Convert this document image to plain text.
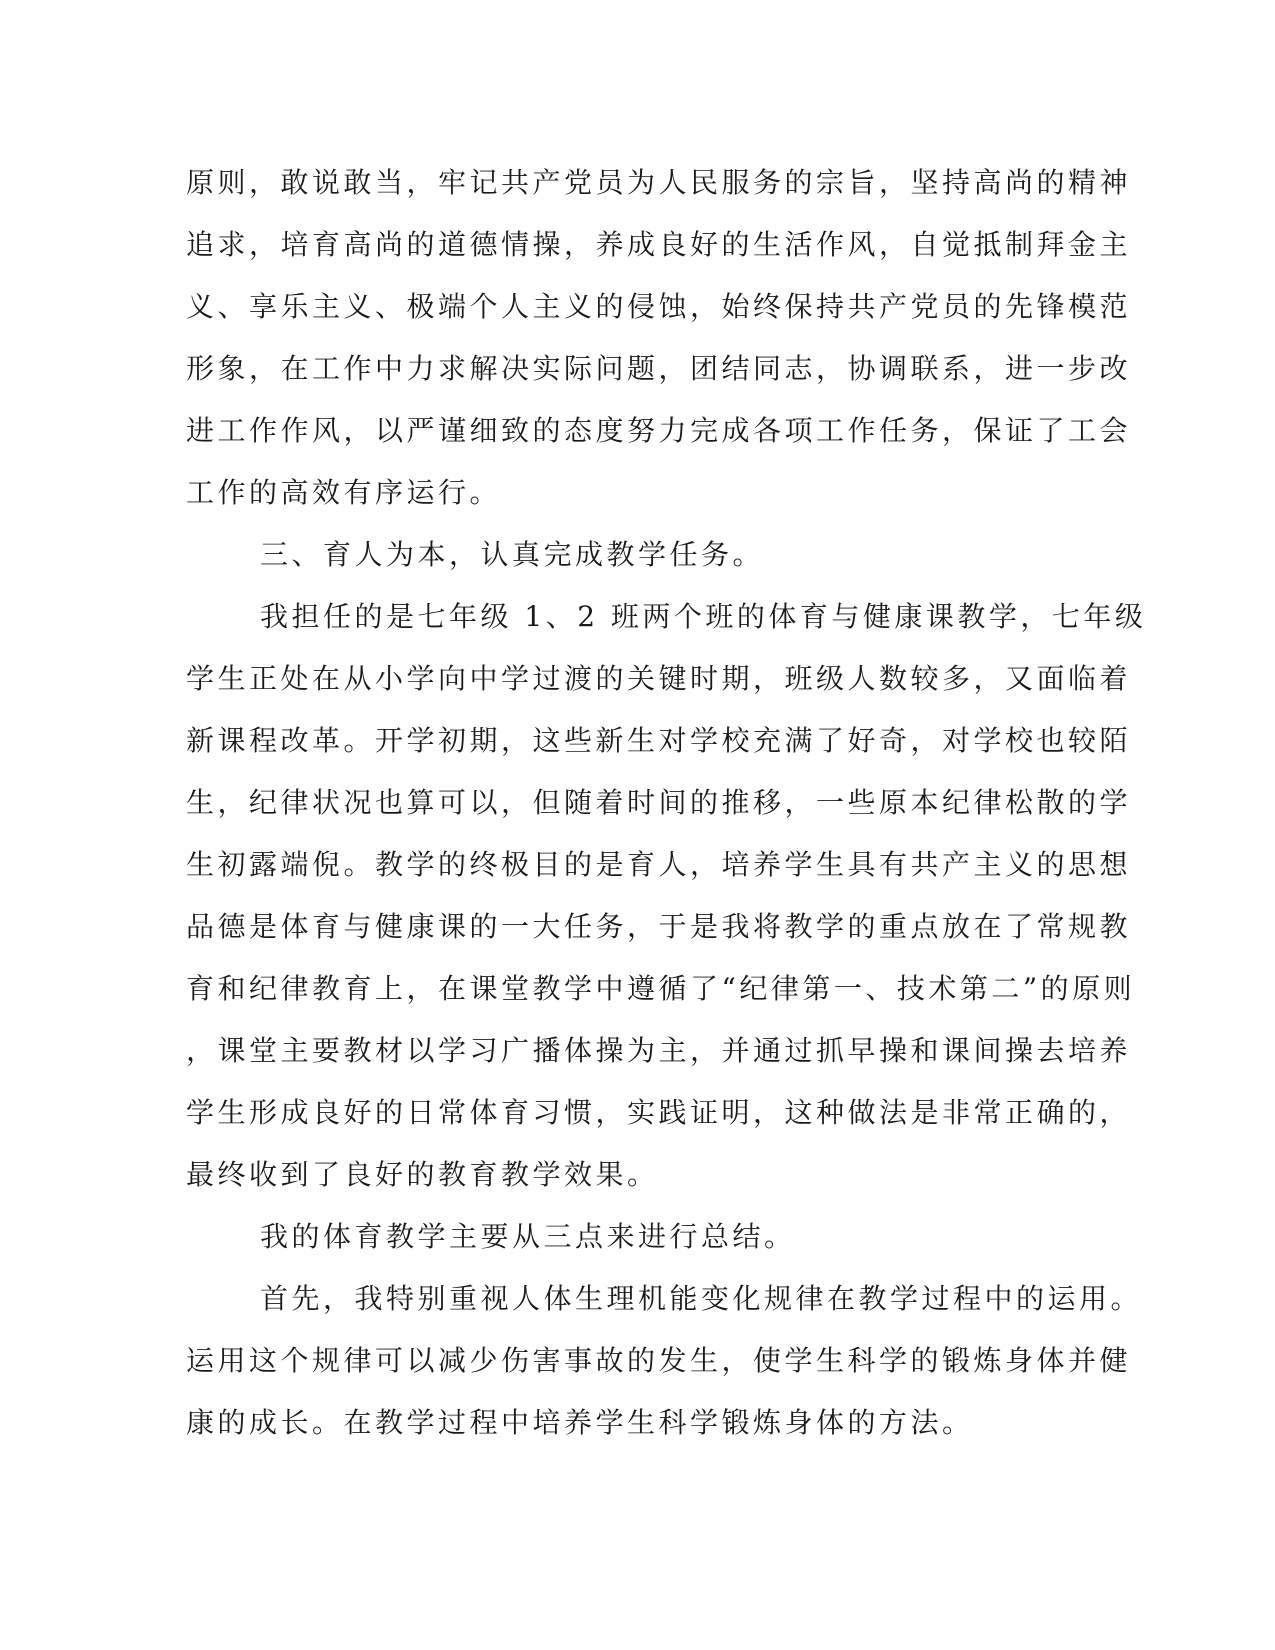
原则，敢说敢当，牢记共产党员为人民服务的宗旨，坚持高尚的精神
追求，培育高尚的道德情操，养成良好的生活作风，自觉抵制拜金主
义、享乐主义、极端个人主义的侵蚀，始终保持共产党员的先锋模范
形象，在工作中力求解决实际问题，团结同志，协调联系，进一步改
进工作作风，以严谨细致的态度努力完成各项工作任务，保证了工会
工作的高效有序运行。
三、育人为本，认真完成教学任务。
我担任的是七年级 1、2 班两个班的体育与健康课教学，七年级
学生正处在从小学向中学过渡的关键时期，班级人数较多，又面临着
新课程改革。开学初期，这些新生对学校充满了好奇，对学校也较陌
生，纪律状况也算可以，但随着时间的推移，一些原本纪律松散的学
生初露端倪。教学的终极目的是育人，培养学生具有共产主义的思想
品德是体育与健康课的一大任务，于是我将教学的重点放在了常规教
育和纪律教育上，在课堂教学中遵循了“纪律第一、技术第二”的原则
，课堂主要教材以学习广播体操为主，并通过抓早操和课间操去培养
学生形成良好的日常体育习惯，实践证明，这种做法是非常正确的，
最终收到了良好的教育教学效果。
我的体育教学主要从三点来进行总结。
首先，我特别重视人体生理机能变化规律在教学过程中的运用。
运用这个规律可以减少伤害事故的发生，使学生科学的锻炼身体并健
康的成长。在教学过程中培养学生科学锻炼身体的方法。
